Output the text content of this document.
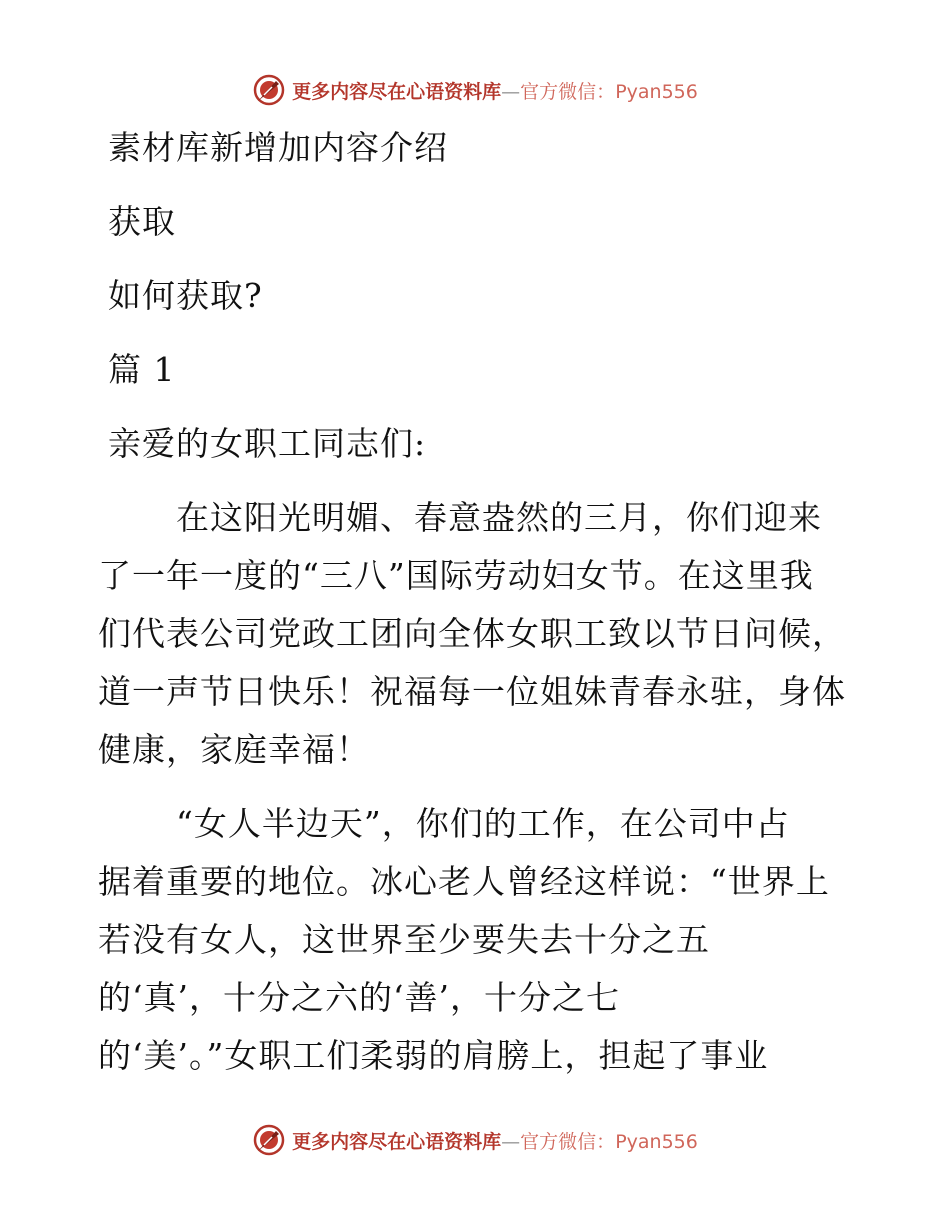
更多内容尽在心语资料库—官方微信：Pyan556
素材库新增加内容介绍
获取
如何获取?
篇 1
亲爱的女职工同志们:
在这阳光明媚、春意盎然的三月，你们迎来
了一年一度的“三八”国际劳动妇女节。在这里我
们代表公司党政工团向全体女职工致以节日问候，
道一声节日快乐！祝福每一位姐妹青春永驻，身体
健康，家庭幸福！
“女人半边天”，你们的工作，在公司中占
据着重要的地位。冰心老人曾经这样说：“世界上
若没有女人，这世界至少要失去十分之五
的‘真’，十分之六的‘善’，十分之七
的‘美’。”女职工们柔弱的肩膀上，担起了事业
更多内容尽在心语资料库—官方微信：Pyan556
